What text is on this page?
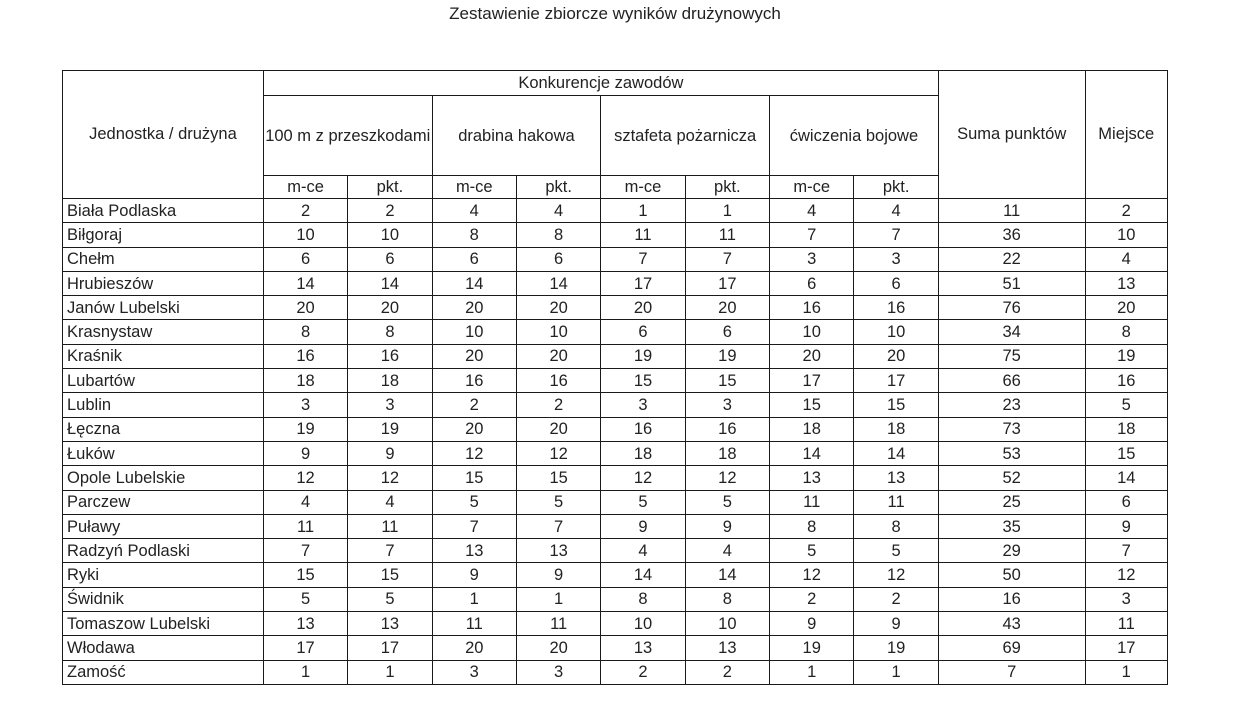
Zestawienie zbiorcze wyników drużynowych
Jednostka / drużyna	Konkurencje zawodów								Suma punktów	Miejsce
	100 m z przeszkodami		drabina hakowa		sztafeta pożarnicza		ćwiczenia bojowe			
	m-ce	pkt.	m-ce	pkt.	m-ce	pkt.	m-ce	pkt.		
Biała Podlaska	2	2	4	4	1	1	4	4	11	2
Biłgoraj	10	10	8	8	11	11	7	7	36	10
Chełm	6	6	6	6	7	7	3	3	22	4
Hrubieszów	14	14	14	14	17	17	6	6	51	13
Janów Lubelski	20	20	20	20	20	20	16	16	76	20
Krasnystaw	8	8	10	10	6	6	10	10	34	8
Kraśnik	16	16	20	20	19	19	20	20	75	19
Lubartów	18	18	16	16	15	15	17	17	66	16
Lublin	3	3	2	2	3	3	15	15	23	5
Łęczna	19	19	20	20	16	16	18	18	73	18
Łuków	9	9	12	12	18	18	14	14	53	15
Opole Lubelskie	12	12	15	15	12	12	13	13	52	14
Parczew	4	4	5	5	5	5	11	11	25	6
Puławy	11	11	7	7	9	9	8	8	35	9
Radzyń Podlaski	7	7	13	13	4	4	5	5	29	7
Ryki	15	15	9	9	14	14	12	12	50	12
Świdnik	5	5	1	1	8	8	2	2	16	3
Tomaszow Lubelski	13	13	11	11	10	10	9	9	43	11
Włodawa	17	17	20	20	13	13	19	19	69	17
Zamość	1	1	3	3	2	2	1	1	7	1
